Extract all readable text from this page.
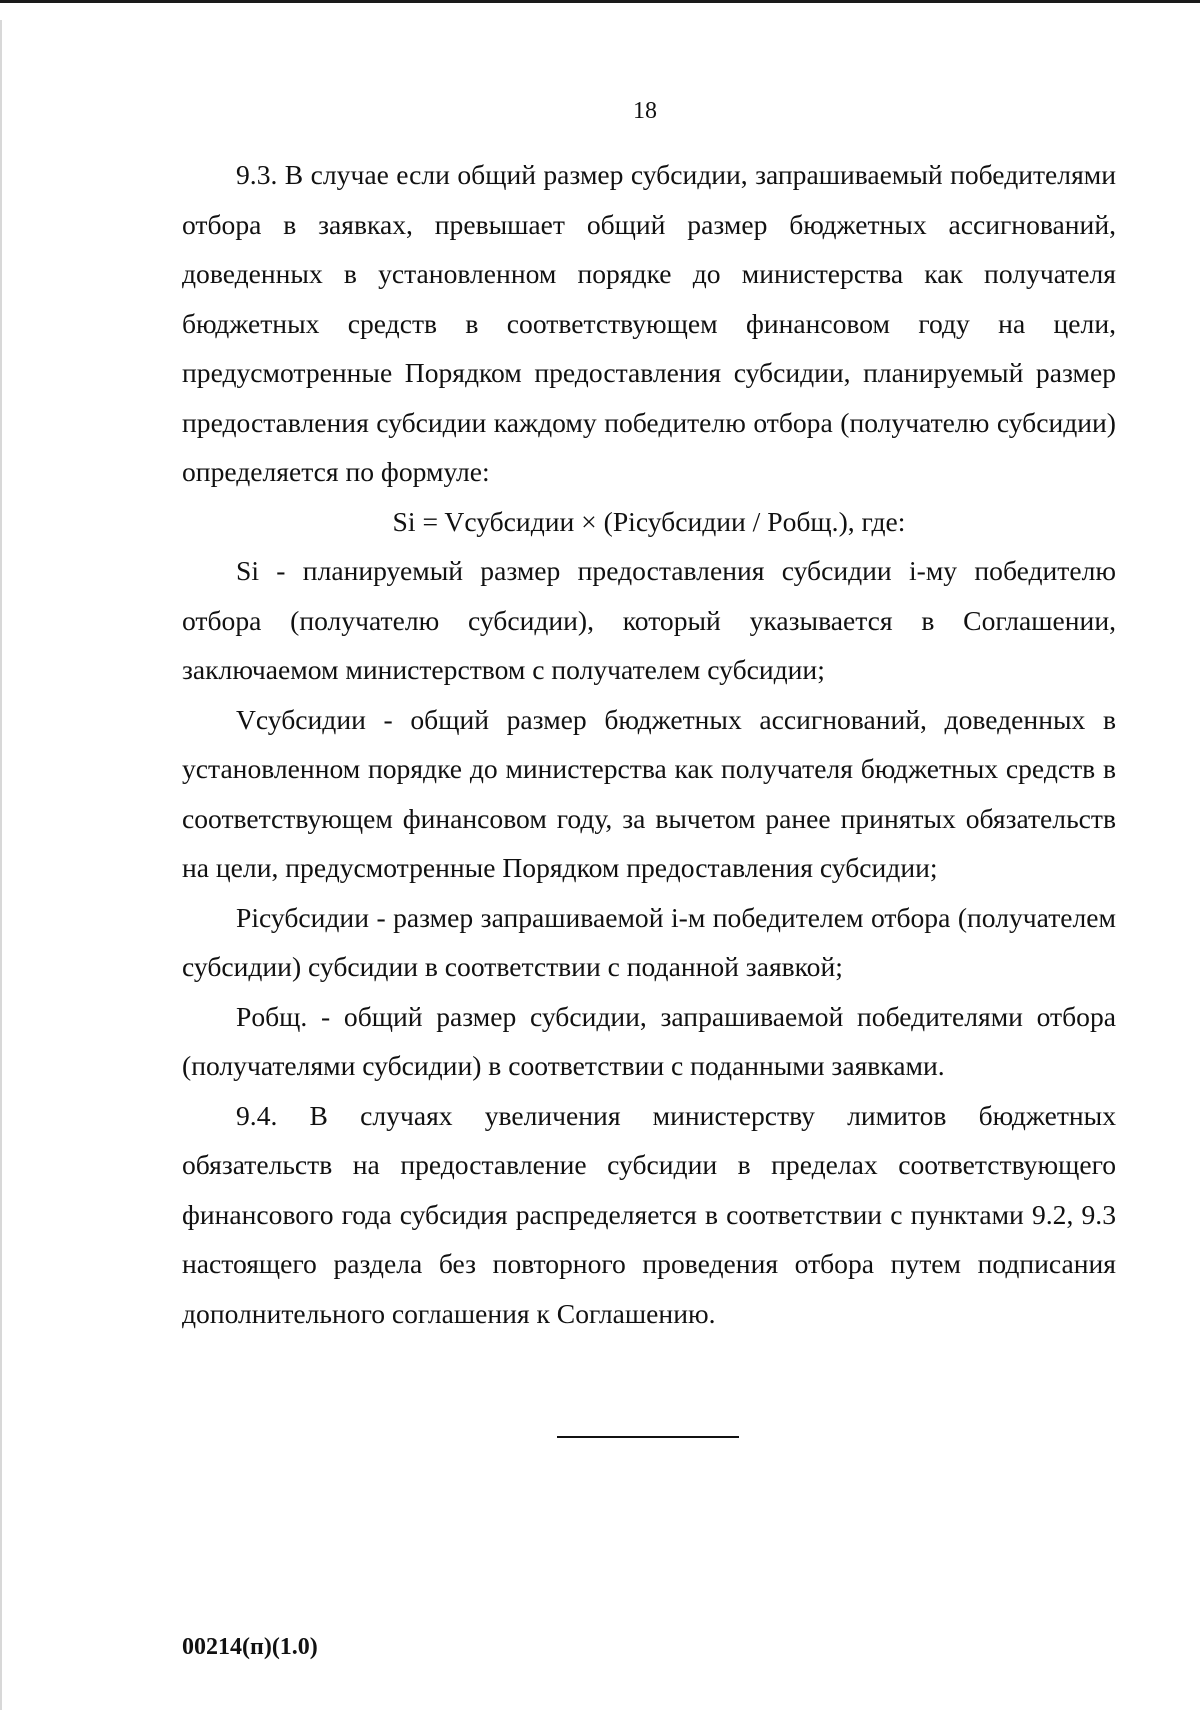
18

9.3. В случае если общий размер субсидии, запрашиваемый победителями отбора в заявках, превышает общий размер бюджетных ассигнований, доведенных в установленном порядке до министерства как получателя бюджетных средств в соответствующем финансовом году на цели, предусмотренные Порядком предоставления субсидии, планируемый размер предоставления субсидии каждому победителю отбора (получателю субсидии) определяется по формуле:

Si = Vсубсидии × (Piсубсидии / Pобщ.), где:

Si - планируемый размер предоставления субсидии i-му победителю отбора (получателю субсидии), который указывается в Соглашении, заключаемом министерством с получателем субсидии;

Vсубсидии - общий размер бюджетных ассигнований, доведенных в установленном порядке до министерства как получателя бюджетных средств в соответствующем финансовом году, за вычетом ранее принятых обязательств на цели, предусмотренные Порядком предоставления субсидии;

Piсубсидии - размер запрашиваемой i-м победителем отбора (получателем субсидии) субсидии в соответствии с поданной заявкой;

Pобщ. - общий размер субсидии, запрашиваемой победителями отбора (получателями субсидии) в соответствии с поданными заявками.

9.4. В случаях увеличения министерству лимитов бюджетных обязательств на предоставление субсидии в пределах соответствующего финансового года субсидия распределяется в соответствии с пунктами 9.2, 9.3 настоящего раздела без повторного проведения отбора путем подписания дополнительного соглашения к Соглашению.

00214(п)(1.0)
